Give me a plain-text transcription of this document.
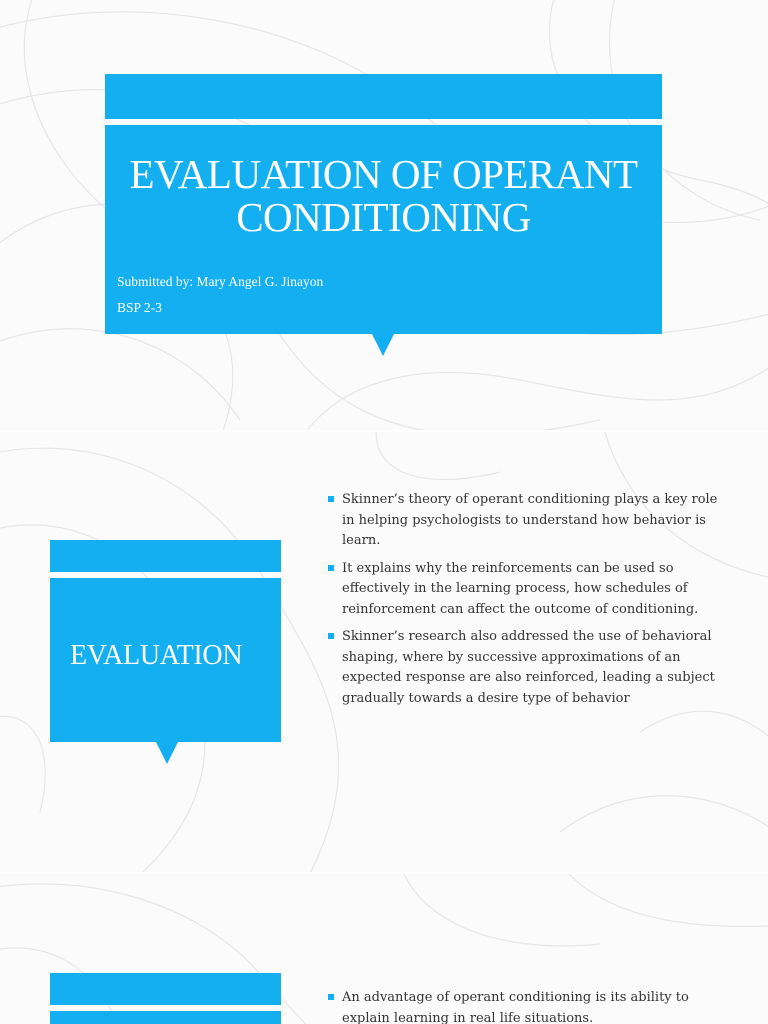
EVALUATION OF OPERANT
CONDITIONING
Submitted by: Mary Angel G. Jinayon
BSP 2-3
EVALUATION
Skinner’s theory of operant conditioning plays a key role in helping psychologists to understand how behavior is learn.
It explains why the reinforcements can be used so effectively in the learning process, how schedules of reinforcement can affect the outcome of conditioning.
Skinner’s research also addressed the use of behavioral shaping, where by successive approximations of an expected response are also reinforced, leading a subject gradually towards a desire type of behavior
An advantage of operant conditioning is its ability to explain learning in real life situations.
